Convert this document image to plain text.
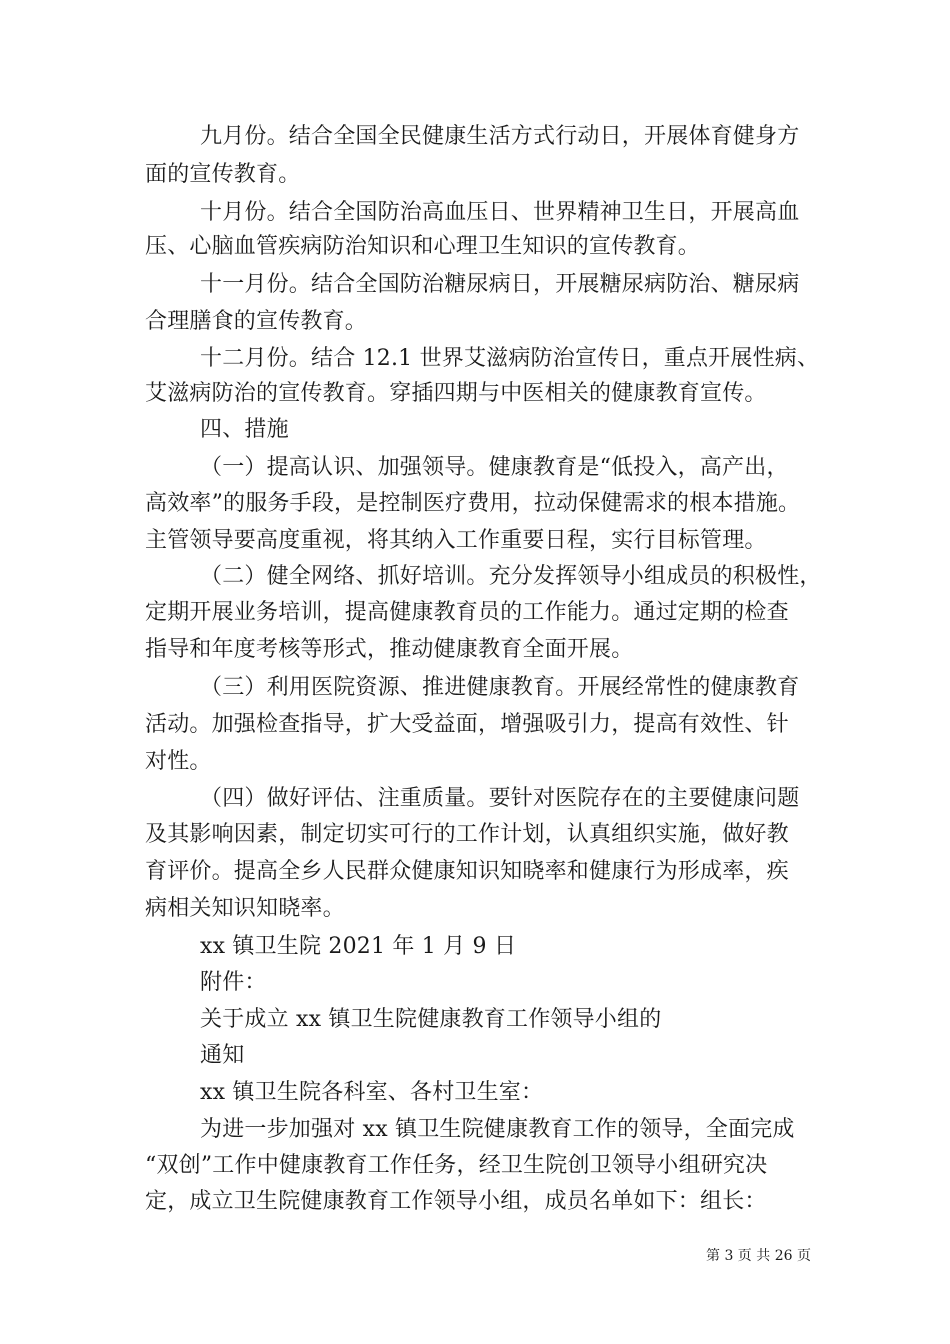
九月份。结合全国全民健康生活方式行动日，开展体育健身方
面的宣传教育。
十月份。结合全国防治高血压日、世界精神卫生日，开展高血
压、心脑血管疾病防治知识和心理卫生知识的宣传教育。
十一月份。结合全国防治糖尿病日，开展糖尿病防治、糖尿病
合理膳食的宣传教育。
十二月份。结合 12.1 世界艾滋病防治宣传日，重点开展性病、
艾滋病防治的宣传教育。穿插四期与中医相关的健康教育宣传。
四、措施
（一）提高认识、加强领导。健康教育是“低投入，高产出，
高效率”的服务手段，是控制医疗费用，拉动保健需求的根本措施。
主管领导要高度重视，将其纳入工作重要日程，实行目标管理。
（二）健全网络、抓好培训。充分发挥领导小组成员的积极性，
定期开展业务培训，提高健康教育员的工作能力。通过定期的检查
指导和年度考核等形式，推动健康教育全面开展。
（三）利用医院资源、推进健康教育。开展经常性的健康教育
活动。加强检查指导，扩大受益面，增强吸引力，提高有效性、针
对性。
（四）做好评估、注重质量。要针对医院存在的主要健康问题
及其影响因素，制定切实可行的工作计划，认真组织实施，做好教
育评价。提高全乡人民群众健康知识知晓率和健康行为形成率，疾
病相关知识知晓率。
xx 镇卫生院 2021 年 1 月 9 日
附件：
关于成立 xx 镇卫生院健康教育工作领导小组的
通知
xx 镇卫生院各科室、各村卫生室：
为进一步加强对 xx 镇卫生院健康教育工作的领导，全面完成
“双创”工作中健康教育工作任务，经卫生院创卫领导小组研究决
定，成立卫生院健康教育工作领导小组，成员名单如下：组长：
第 3 页 共 26 页
